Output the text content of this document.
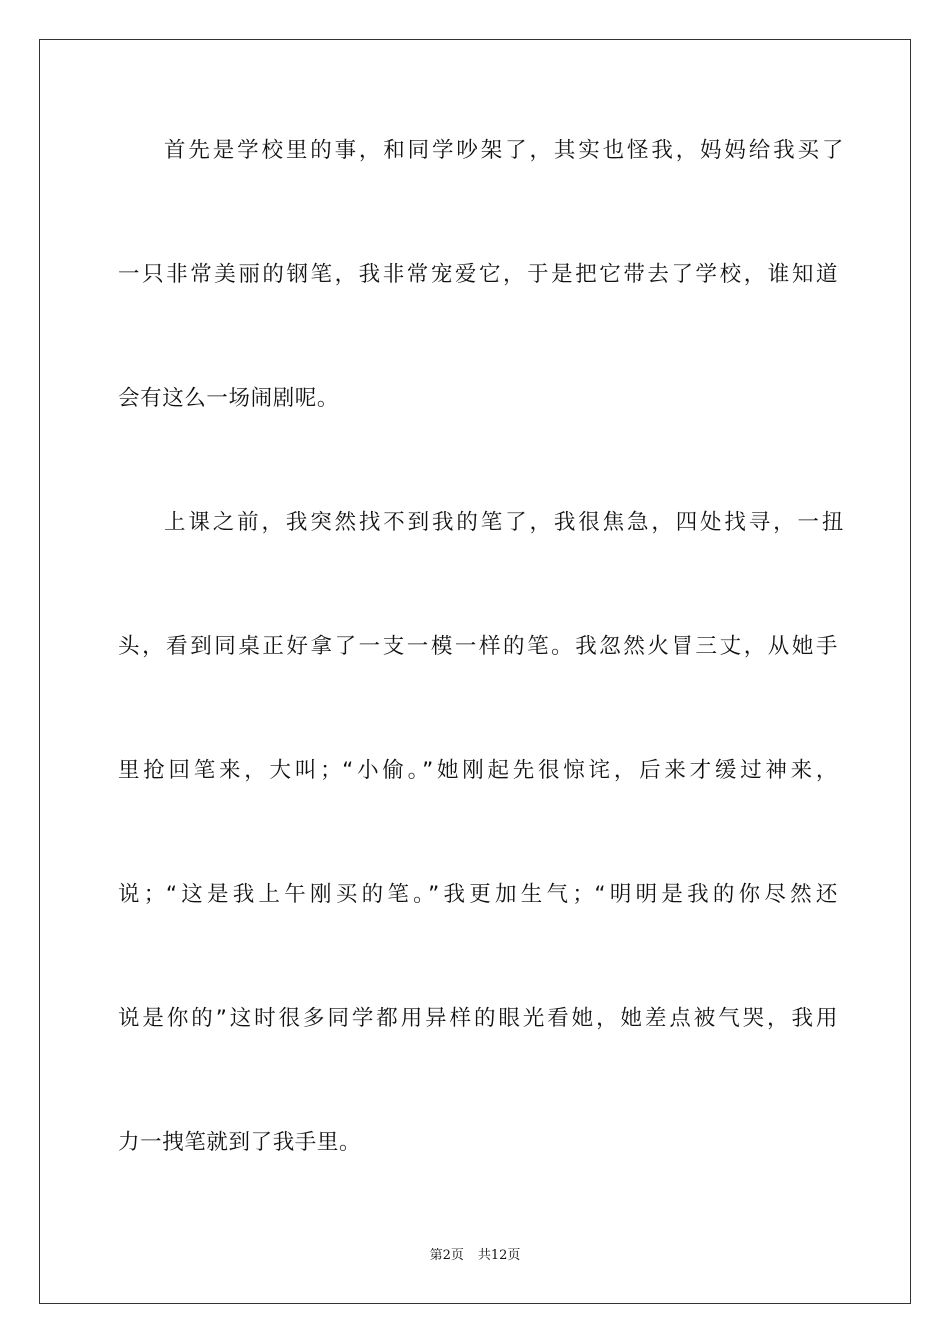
首先是学校里的事，和同学吵架了，其实也怪我，妈妈给我买了
一只非常美丽的钢笔，我非常宠爱它，于是把它带去了学校，谁知道
会有这么一场闹剧呢。
上课之前，我突然找不到我的笔了，我很焦急，四处找寻，一扭
头，看到同桌正好拿了一支一模一样的笔。我忽然火冒三丈，从她手
里抢回笔来，大叫；“小偷。”她刚起先很惊诧，后来才缓过神来，
说；“这是我上午刚买的笔。”我更加生气；“明明是我的你尽然还
说是你的”这时很多同学都用异样的眼光看她，她差点被气哭，我用
力一拽笔就到了我手里。
第2页 共12页
